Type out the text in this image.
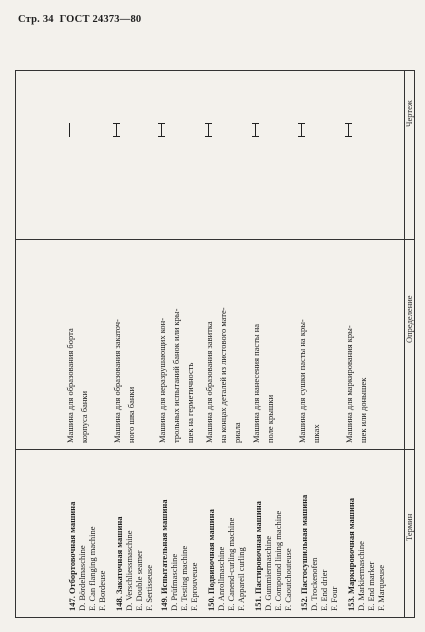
Стр. 34 ГОСТ 24373—80
Чертеж
Определение
Термин
147. Отбортовочная машина D. Bördelmaschine E. Can flanging machine F. Bordeuse
Машина для образования борта корпуса банки
148. Закаточная машина D. Verschliessmaschine E. Double seamer F. Sertisseuse
Машина для образования закаточ- ного шва банки
149. Испытательная машина D. Prüfmaschine E. Testing machine F. Eprouveuse
Машина для неразрушающих кон- трольных испытаний банок или кры- шек на герметичность
150. Подвивочная машина D. Anrollmaschine E. Canend-curling machine F. Appareil curling
Машина для образования завитка на концах деталей из листового мате- риала
151. Пастировочная машина D. Gummiermaschine E. Compound lining machine F. Caoutchouteuse
Машина для нанесения пасты на поле крышки
152. Пастосушильная машина D. Trockenofen E. End drier F. Four
Машина для сушки пасты на кры- шках
153. Маркировочная машина D. Markiermaschine E. End marker F. Marqueuse
Машина для маркирования кры- шек или донышек
